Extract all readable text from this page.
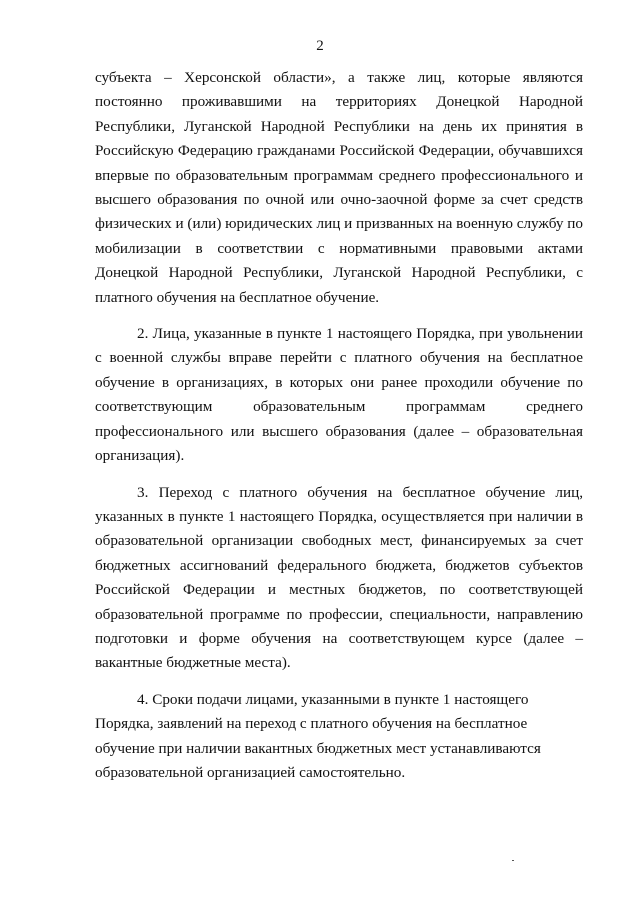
2

субъекта – Херсонской области», а также лиц, которые являются постоянно проживавшими на территориях Донецкой Народной Республики, Луганской Народной Республики на день их принятия в Российскую Федерацию гражданами Российской Федерации, обучавшихся впервые по образовательным программам среднего профессионального и высшего образования по очной или очно-заочной форме за счет средств физических и (или) юридических лиц и призванных на военную службу по мобилизации в соответствии с нормативными правовыми актами Донецкой Народной Республики, Луганской Народной Республики, с платного обучения на бесплатное обучение.

2. Лица, указанные в пункте 1 настоящего Порядка, при увольнении с военной службы вправе перейти с платного обучения на бесплатное обучение в организациях, в которых они ранее проходили обучение по соответствующим образовательным программам среднего профессионального или высшего образования (далее – образовательная организация).

3. Переход с платного обучения на бесплатное обучение лиц, указанных в пункте 1 настоящего Порядка, осуществляется при наличии в образовательной организации свободных мест, финансируемых за счет бюджетных ассигнований федерального бюджета, бюджетов субъектов Российской Федерации и местных бюджетов, по соответствующей образовательной программе по профессии, специальности, направлению подготовки и форме обучения на соответствующем курсе (далее – вакантные бюджетные места).

4. Сроки подачи лицами, указанными в пункте 1 настоящего Порядка, заявлений на переход с платного обучения на бесплатное обучение при наличии вакантных бюджетных мест устанавливаются образовательной организацией самостоятельно.
